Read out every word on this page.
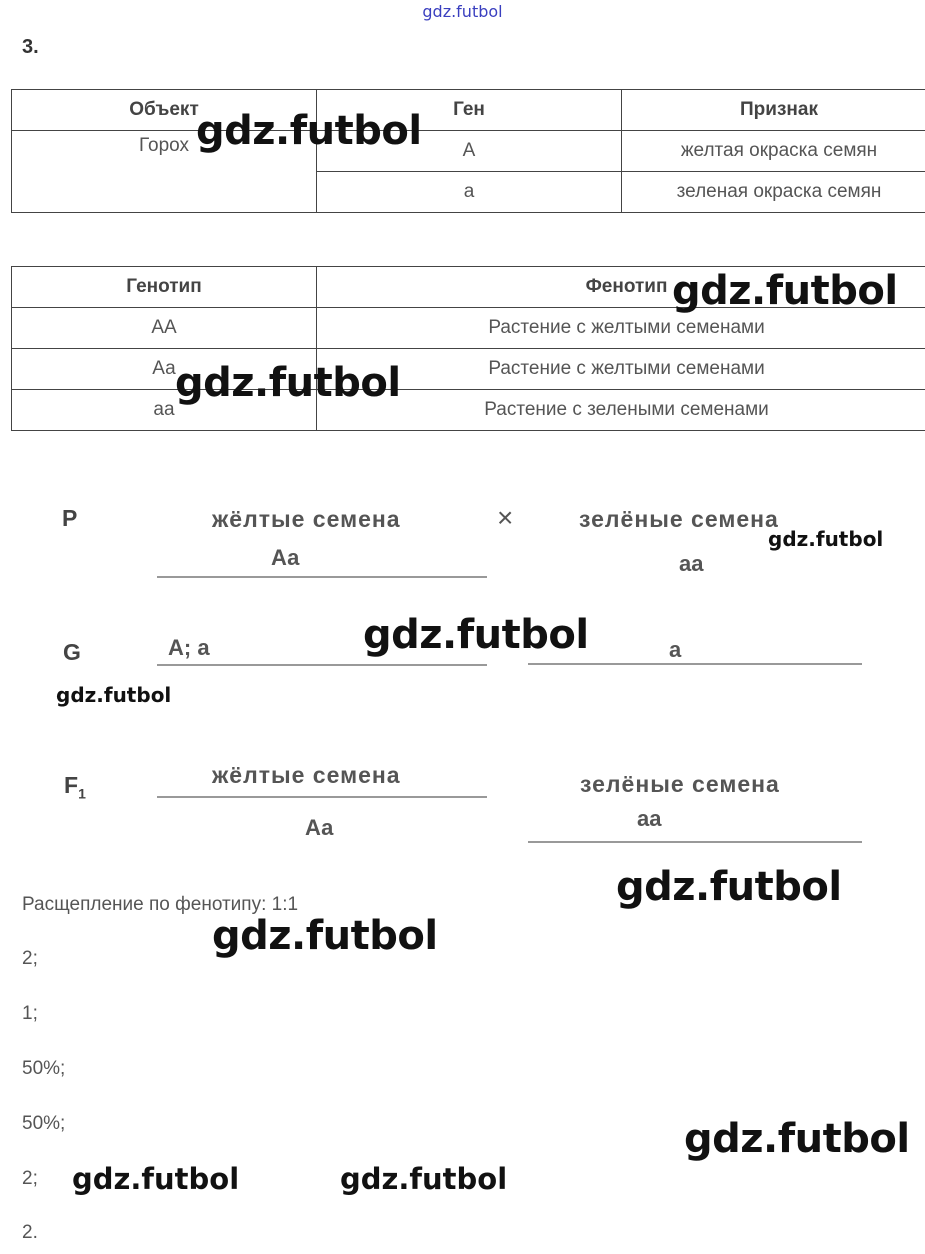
gdz.futbol
3.
Объект	Ген	Признак
Горох	А	желтая окраска семян
	а	зеленая окраска семян
Генотип	Фенотип
АА	Растение с желтыми семенами
Аа	Растение с желтыми семенами
аа	Растение с зелеными семенами
gdz.futbol
gdz.futbol
gdz.futbol
P	жёлтые семена
Аа
×	зелёные семена
аа
gdz.futbol
G	А; а	а
gdz.futbol
gdz.futbol
$F_1$
жёлтые семена
Аа
зелёные семена
аа
Расщепление по фенотипу: 1:1
2;
1;
50%;
50%;
2;
2.
gdz.futbol
gdz.futbol
gdz.futbol
gdz.futbol	gdz.futbol
